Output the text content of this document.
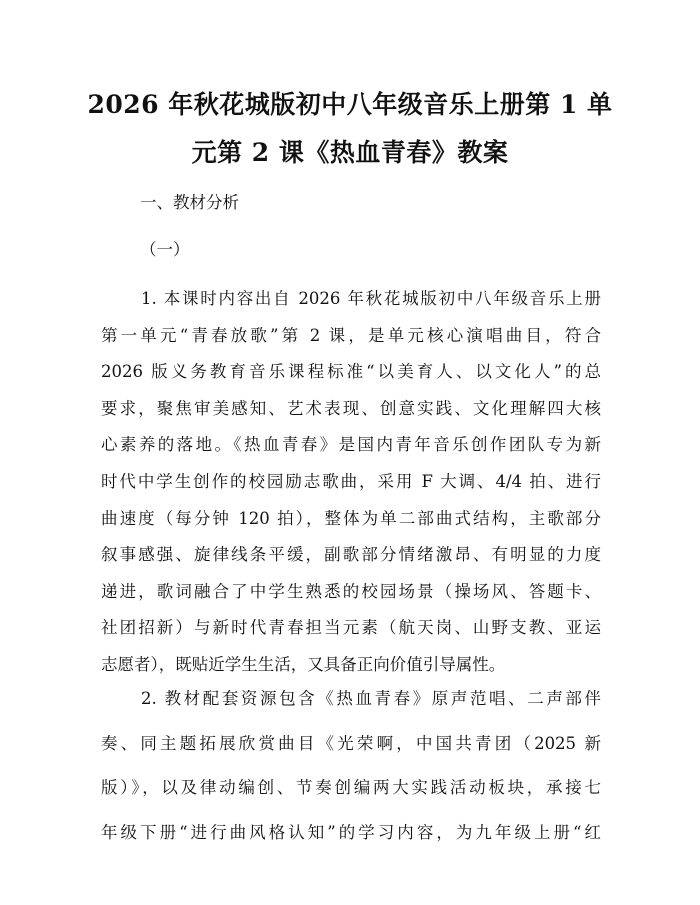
2026 年秋花城版初中八年级音乐上册第 1 单
元第 2 课《热血青春》教案
一、教材分析
（一）
1. 本课时内容出自 2026 年秋花城版初中八年级音乐上册
第一单元“青春放歌”第 2 课，是单元核心演唱曲目，符合
2026 版义务教育音乐课程标准“以美育人、以文化人”的总
要求，聚焦审美感知、艺术表现、创意实践、文化理解四大核
心素养的落地。《热血青春》是国内青年音乐创作团队专为新
时代中学生创作的校园励志歌曲，采用 F 大调、4/4 拍、进行
曲速度（每分钟 120 拍），整体为单二部曲式结构，主歌部分
叙事感强、旋律线条平缓，副歌部分情绪激昂、有明显的力度
递进，歌词融合了中学生熟悉的校园场景（操场风、答题卡、
社团招新）与新时代青春担当元素（航天岗、山野支教、亚运
志愿者），既贴近学生生活，又具备正向价值引导属性。
2. 教材配套资源包含《热血青春》原声范唱、二声部伴
奏、同主题拓展欣赏曲目《光荣啊，中国共青团（2025 新
版）》，以及律动编创、节奏创编两大实践活动板块，承接七
年级下册“进行曲风格认知”的学习内容，为九年级上册“红
